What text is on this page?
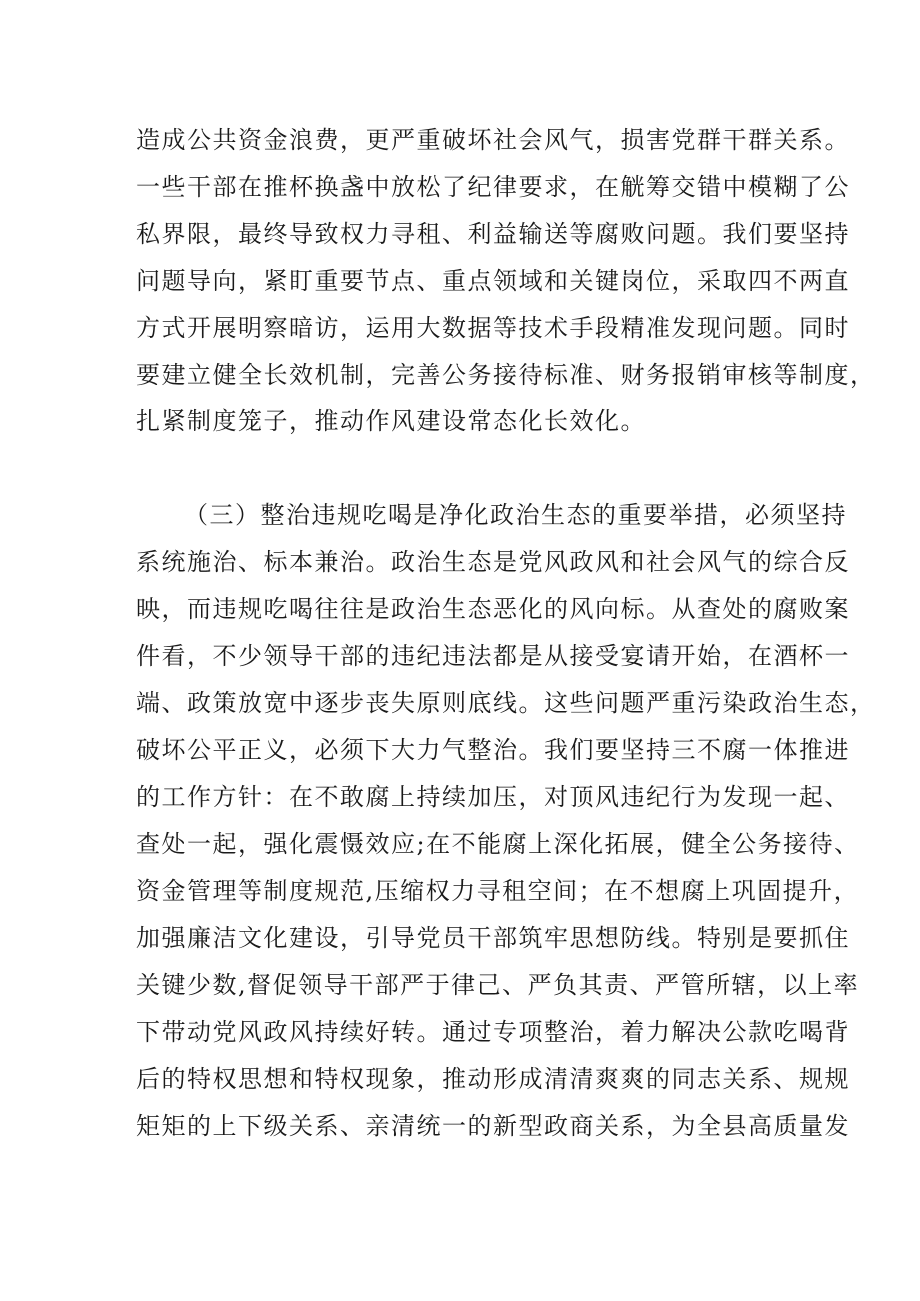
造成公共资金浪费，更严重破坏社会风气，损害党群干群关系。
一些干部在推杯换盏中放松了纪律要求，在觥筹交错中模糊了公
私界限，最终导致权力寻租、利益输送等腐败问题。我们要坚持
问题导向，紧盯重要节点、重点领域和关键岗位，采取四不两直
方式开展明察暗访，运用大数据等技术手段精准发现问题。同时
要建立健全长效机制，完善公务接待标准、财务报销审核等制度，
扎紧制度笼子，推动作风建设常态化长效化。
（三）整治违规吃喝是净化政治生态的重要举措，必须坚持
系统施治、标本兼治。政治生态是党风政风和社会风气的综合反
映，而违规吃喝往往是政治生态恶化的风向标。从查处的腐败案
件看，不少领导干部的违纪违法都是从接受宴请开始，在酒杯一
端、政策放宽中逐步丧失原则底线。这些问题严重污染政治生态，
破坏公平正义，必须下大力气整治。我们要坚持三不腐一体推进
的工作方针：在不敢腐上持续加压，对顶风违纪行为发现一起、
查处一起，强化震慑效应;在不能腐上深化拓展，健全公务接待、
资金管理等制度规范,压缩权力寻租空间；在不想腐上巩固提升，
加强廉洁文化建设，引导党员干部筑牢思想防线。特别是要抓住
关键少数,督促领导干部严于律己、严负其责、严管所辖，以上率
下带动党风政风持续好转。通过专项整治，着力解决公款吃喝背
后的特权思想和特权现象，推动形成清清爽爽的同志关系、规规
矩矩的上下级关系、亲清统一的新型政商关系，为全县高质量发
